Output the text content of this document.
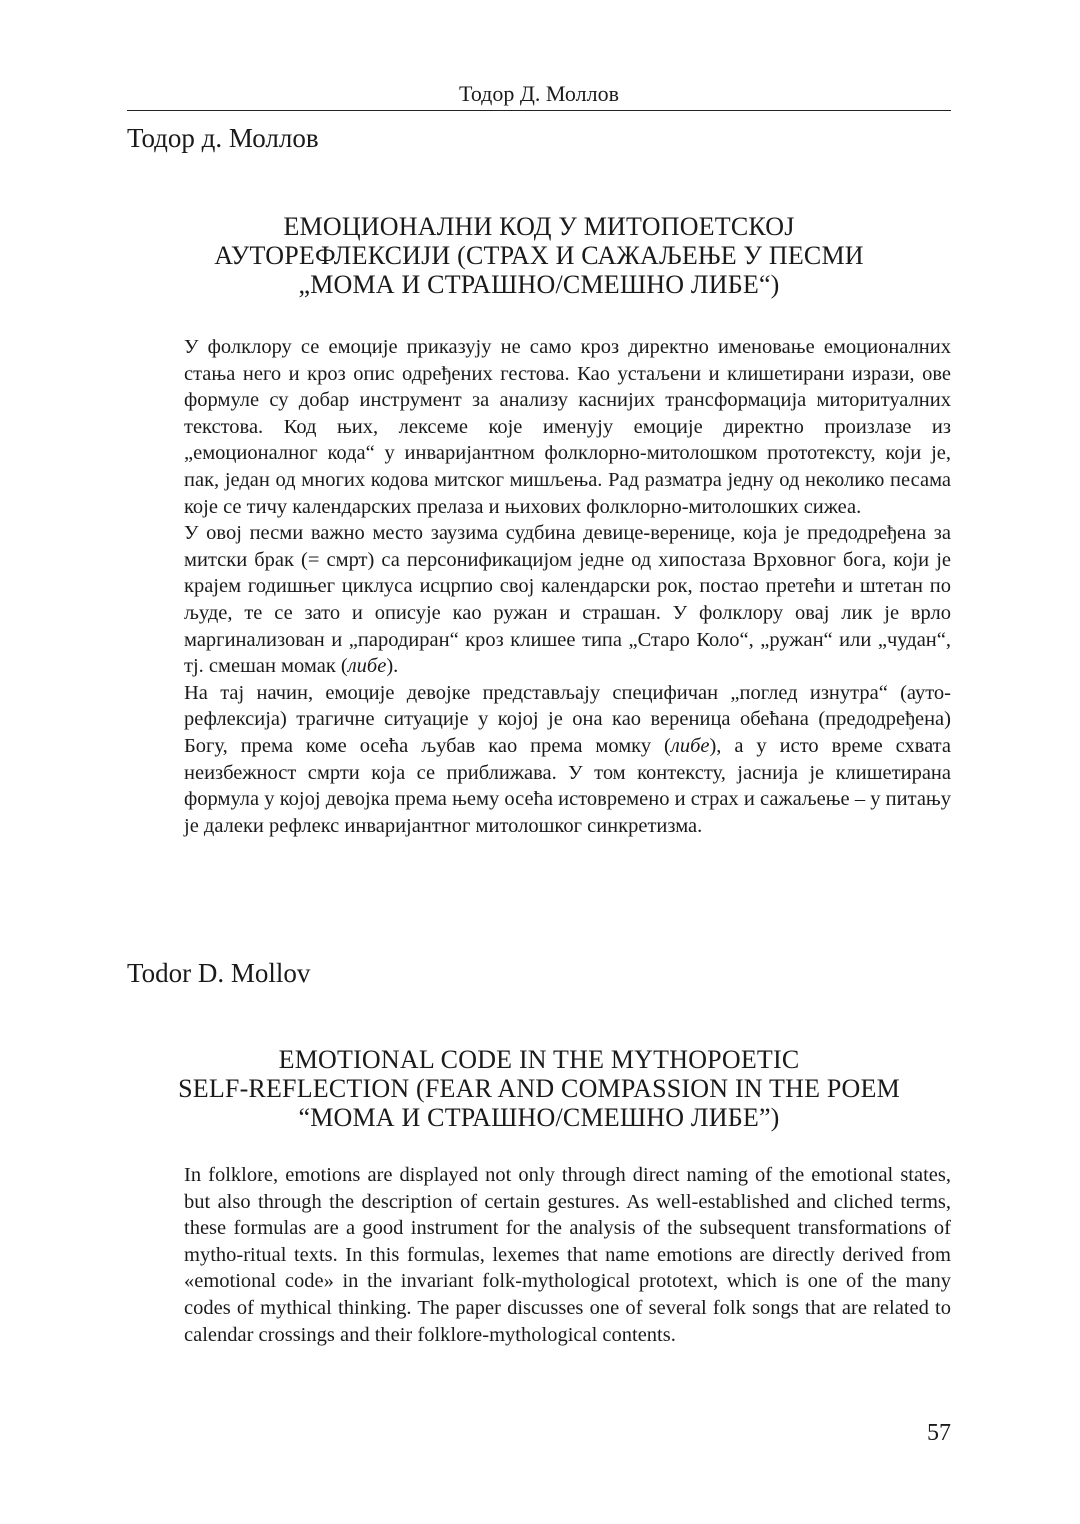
Тодор Д. Моллов
Тодор д. Моллов
ЕМОЦИОНАЛНИ КОД У МИТОПОЕТСКОЈ
АУТОРЕФЛЕКСИЈИ (СТРАХ И САЖАЉЕЊЕ У ПЕСМИ
„МОМА И СТРАШНО/СМЕШНО ЛИБЕ“)

У фолклору се емоције приказују не само кроз директно именовање емоционалних стања него и кроз опис одређених гестова. Као устаљени и клишетирани изрази, ове формуле су добар инструмент за анализу каснијих трансформација миторитуалних текстова. Код њих, лексеме које именују емоције директно произлазе из „емоционалног кода“ у инваријантном фолклорно-митолошком прототексту, који је, пак, један од многих кодова митског мишљења. Рад разматра једну од неколико песама које се тичу календарских прелаза и њихових фолклорно-митолошких сижеа.

У овој песми важно место заузима судбина девице-веренице, која је предодређена за митски брак (= смрт) са персонификацијом једне од хипостаза Врховног бога, који је крајем годишњег циклуса исцрпио свој календарски рок, постао претећи и штетан по људе, те се зато и описује као ружан и страшан. У фолклору овај лик је врло маргинализован и „пародиран“ кроз клишее типа „Старо Коло“, „ружан“ или „чудан“, тј. смешан момак (либе).

На тај начин, емоције девојке представљају специфичан „поглед изнутра“ (ауторефлексија) трагичне ситуације у којој је она као вереница обећана (предодређена) Богу, према коме осећа љубав као према момку (либе), а у исто време схвата неизбежност смрти која се приближава. У том контексту, јаснија је клишетирана формула у којој девојка према њему осећа истовремено и страх и сажаљење – у питању је далеки рефлекс инваријантног митолошког синкретизма.

Todor D. Mollov
EMOTIONAL CODE IN THE MYTHOPOETIC
SELF-REFLECTION (FEAR AND COMPASSION IN THE POEM
“МОМА И СТРАШНО/СМЕШНО ЛИБЕ”)

In folklore, emotions are displayed not only through direct naming of the emotional states, but also through the description of certain gestures. As well-established and cliched terms, these formulas are a good instrument for the analysis of the subsequent transformations of mytho-ritual texts. In this formulas, lexemes that name emotions are directly derived from «emotional code» in the invariant folk-mythological prototext, which is one of the many codes of mythical thinking. The paper discusses one of several folk songs that are related to calendar crossings and their folklore-mythological contents.

57
